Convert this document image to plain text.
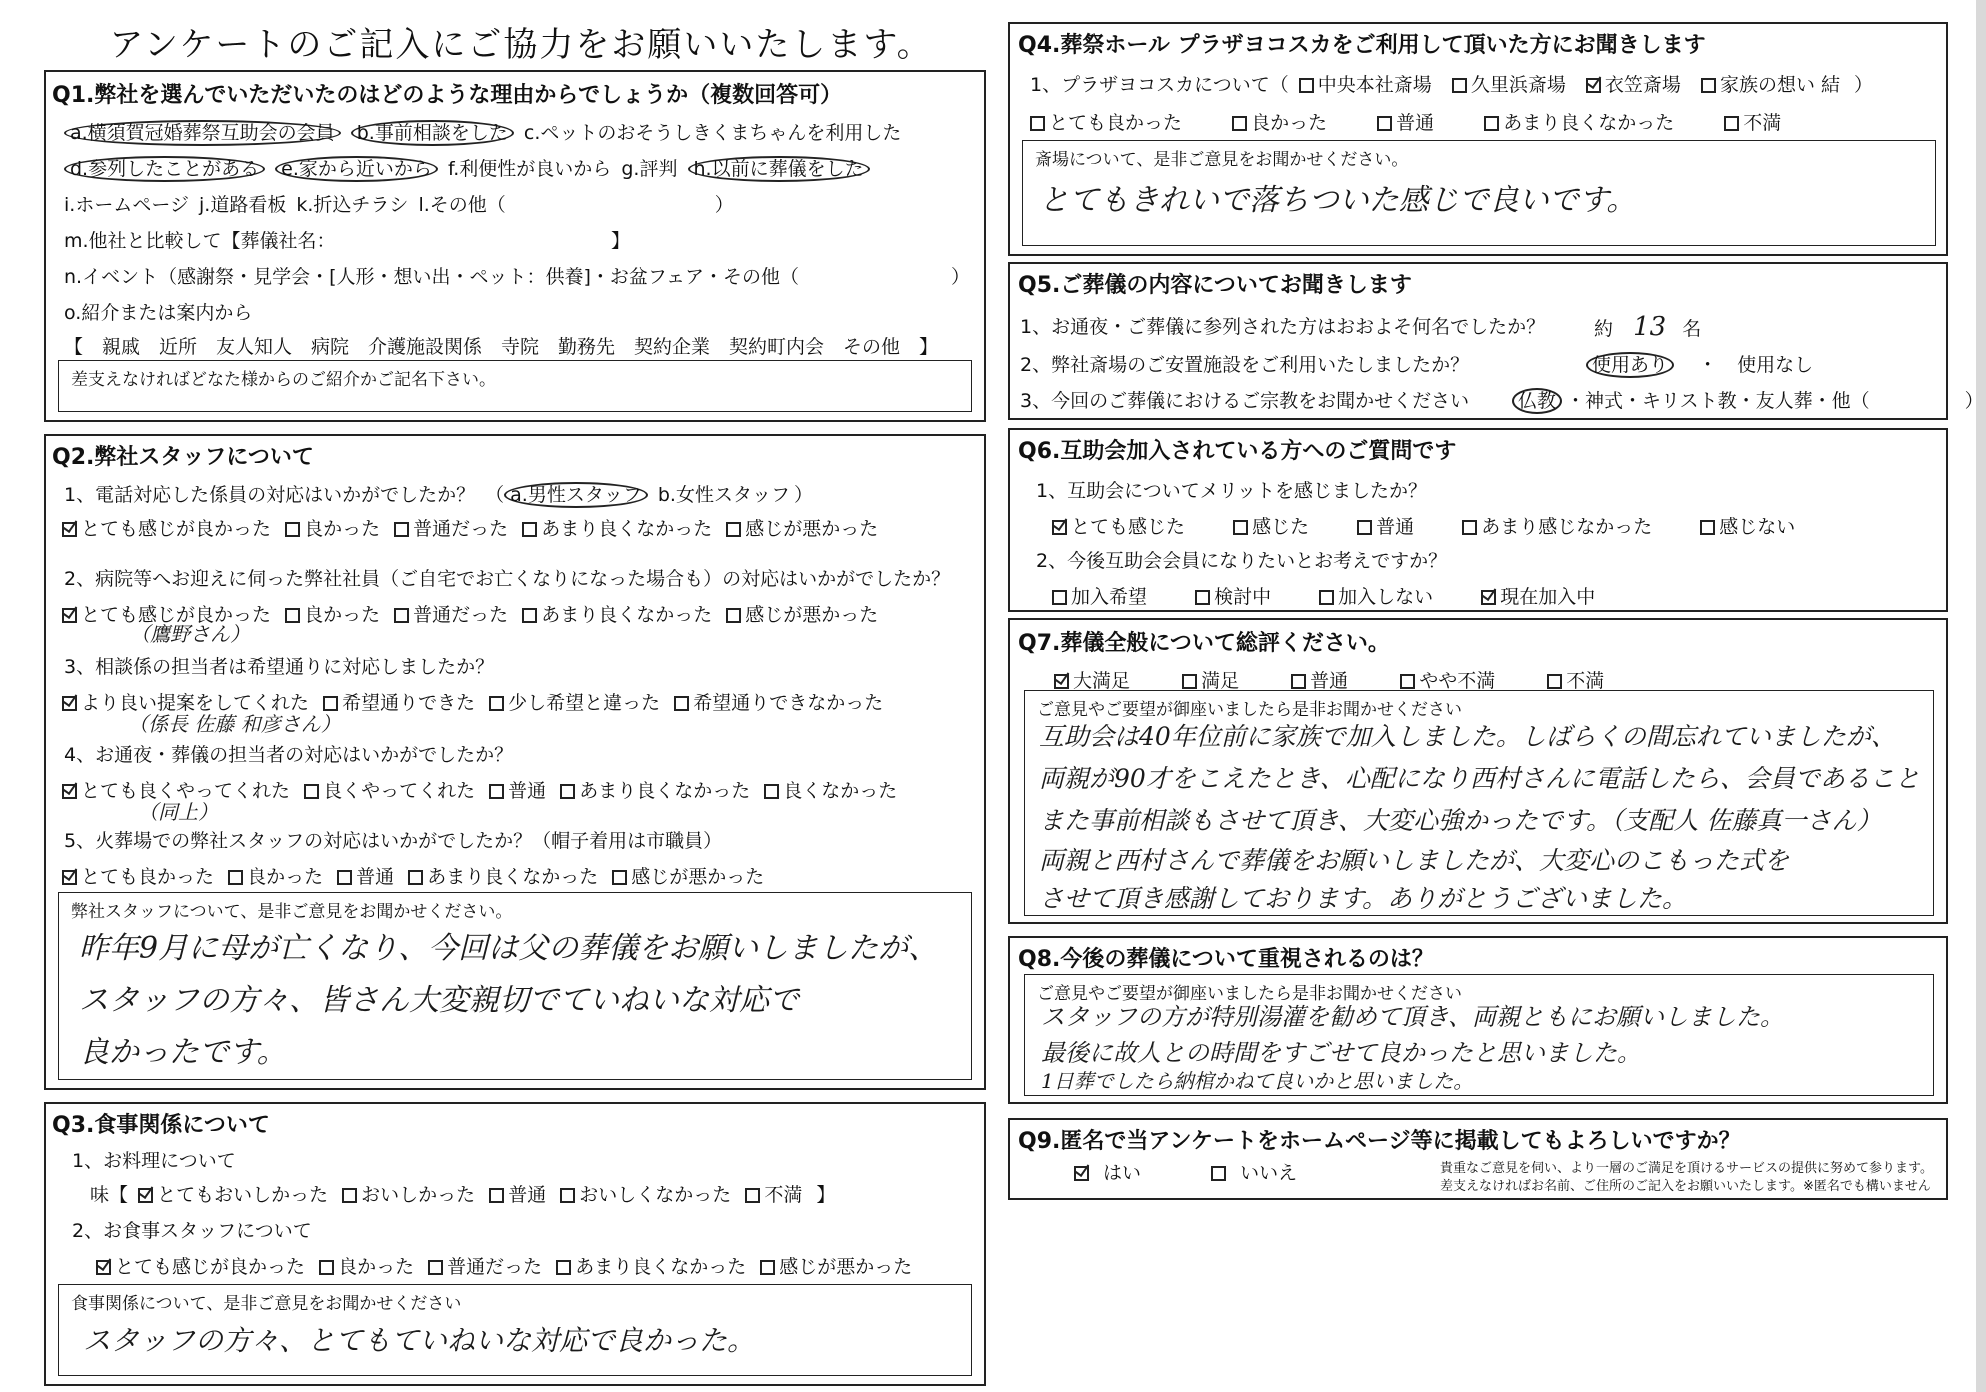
アンケートのご記入にご協力をお願いいたします。
Q1.弊社を選んでいただいたのはどのような理由からでしょうか（複数回答可）
a.横須賀冠婚葬祭互助会の会員 b.事前相談をした c.ペットのおそうしきくまちゃんを利用した
d.参列したことがある e.家から近いから f.利便性が良いから g.評判 h.以前に葬儀をした
i.ホームページ j.道路看板 k.折込チラシ l.その他（　　　　　　　　　　　）
m.他社と比較して【葬儀社名：　　　　　　　　　　　　　　　】
n.イベント（感謝祭・見学会・[人形・想い出・ペット：供養]・お盆フェア・その他（　　　　　　　　）
o.紹介または案内から
【　親戚　近所　友人知人　病院　介護施設関係　寺院　勤務先　契約企業　契約町内会　その他　】
差支えなければどなた様からのご紹介かご記名下さい。
Q2.弊社スタッフについて
1、電話対応した係員の対応はいかがでしたか？ （ a.男性スタッフ b.女性スタッフ ）
とても感じが良かった 良かった 普通だった あまり良くなかった 感じが悪かった
2、病院等へお迎えに伺った弊社社員（ご自宅でお亡くなりになった場合も）の対応はいかがでしたか？
とても感じが良かった 良かった 普通だった あまり良くなかった 感じが悪かった
（鷹野さん）
3、相談係の担当者は希望通りに対応しましたか？
より良い提案をしてくれた 希望通りできた 少し希望と違った 希望通りできなかった
（係長 佐藤 和彦さん）
4、お通夜・葬儀の担当者の対応はいかがでしたか？
とても良くやってくれた 良くやってくれた 普通 あまり良くなかった 良くなかった
（同上）
5、火葬場での弊社スタッフの対応はいかがでしたか？（帽子着用は市職員）
とても良かった 良かった 普通 あまり良くなかった 感じが悪かった
弊社スタッフについて、是非ご意見をお聞かせください。
昨年9月に母が亡くなり、今回は父の葬儀をお願いしましたが、
スタッフの方々、皆さん大変親切でていねいな対応で
良かったです。
Q3.食事関係について
1、お料理について
味【 とてもおいしかった おいしかった 普通 おいしくなかった 不満 】
2、お食事スタッフについて
とても感じが良かった 良かった 普通だった あまり良くなかった 感じが悪かった
食事関係について、是非ご意見をお聞かせください
スタッフの方々、とてもていねいな対応で良かった。
Q4.葬祭ホール プラザヨコスカをご利用して頂いた方にお聞きします
1、プラザヨコスカについて（ 中央本社斎場 久里浜斎場 衣笠斎場 家族の想い 結 ）
とても良かった	良かった	普通	あまり良くなかった	不満
斎場について、是非ご意見をお聞かせください。
とてもきれいで落ちついた感じで良いです。
Q5.ご葬儀の内容についてお聞きします
1、お通夜・ご葬儀に参列された方はおおよそ何名でしたか？	約 13 名
2、弊社斎場のご安置施設をご利用いたしましたか？	使用あり ・ 使用なし
3、今回のご葬儀におけるご宗教をお聞かせください	仏教 ・神式・キリスト教・友人葬・他（　　　　　）
Q6.互助会加入されている方へのご質問です
1、互助会についてメリットを感じましたか？
とても感じた	感じた	普通	あまり感じなかった	感じない
2、今後互助会会員になりたいとお考えですか？
加入希望	検討中	加入しない	現在加入中
Q7.葬儀全般について総評ください。
大満足	満足	普通	やや不満	不満
ご意見やご要望が御座いましたら是非お聞かせください
互助会は40年位前に家族で加入しました。しばらくの間忘れていましたが、
両親が90才をこえたとき、心配になり西村さんに電話したら、会員であること
また事前相談もさせて頂き、大変心強かったです。（支配人 佐藤真一さん）
両親と西村さんで葬儀をお願いしましたが、大変心のこもった式を
させて頂き感謝しております。ありがとうございました。
Q8.今後の葬儀について重視されるのは？
ご意見やご要望が御座いましたら是非お聞かせください
スタッフの方が特別湯灌を勧めて頂き、両親ともにお願いしました。
最後に故人との時間をすごせて良かったと思いました。
1日葬でしたら納棺かねて良いかと思いました。
Q9.匿名で当アンケートをホームページ等に掲載してもよろしいですか？
はい	いいえ	貴重なご意見を伺い、より一層のご満足を頂けるサービスの提供に努めて参ります。
差支えなければお名前、ご住所のご記入をお願いいたします。※匿名でも構いません
